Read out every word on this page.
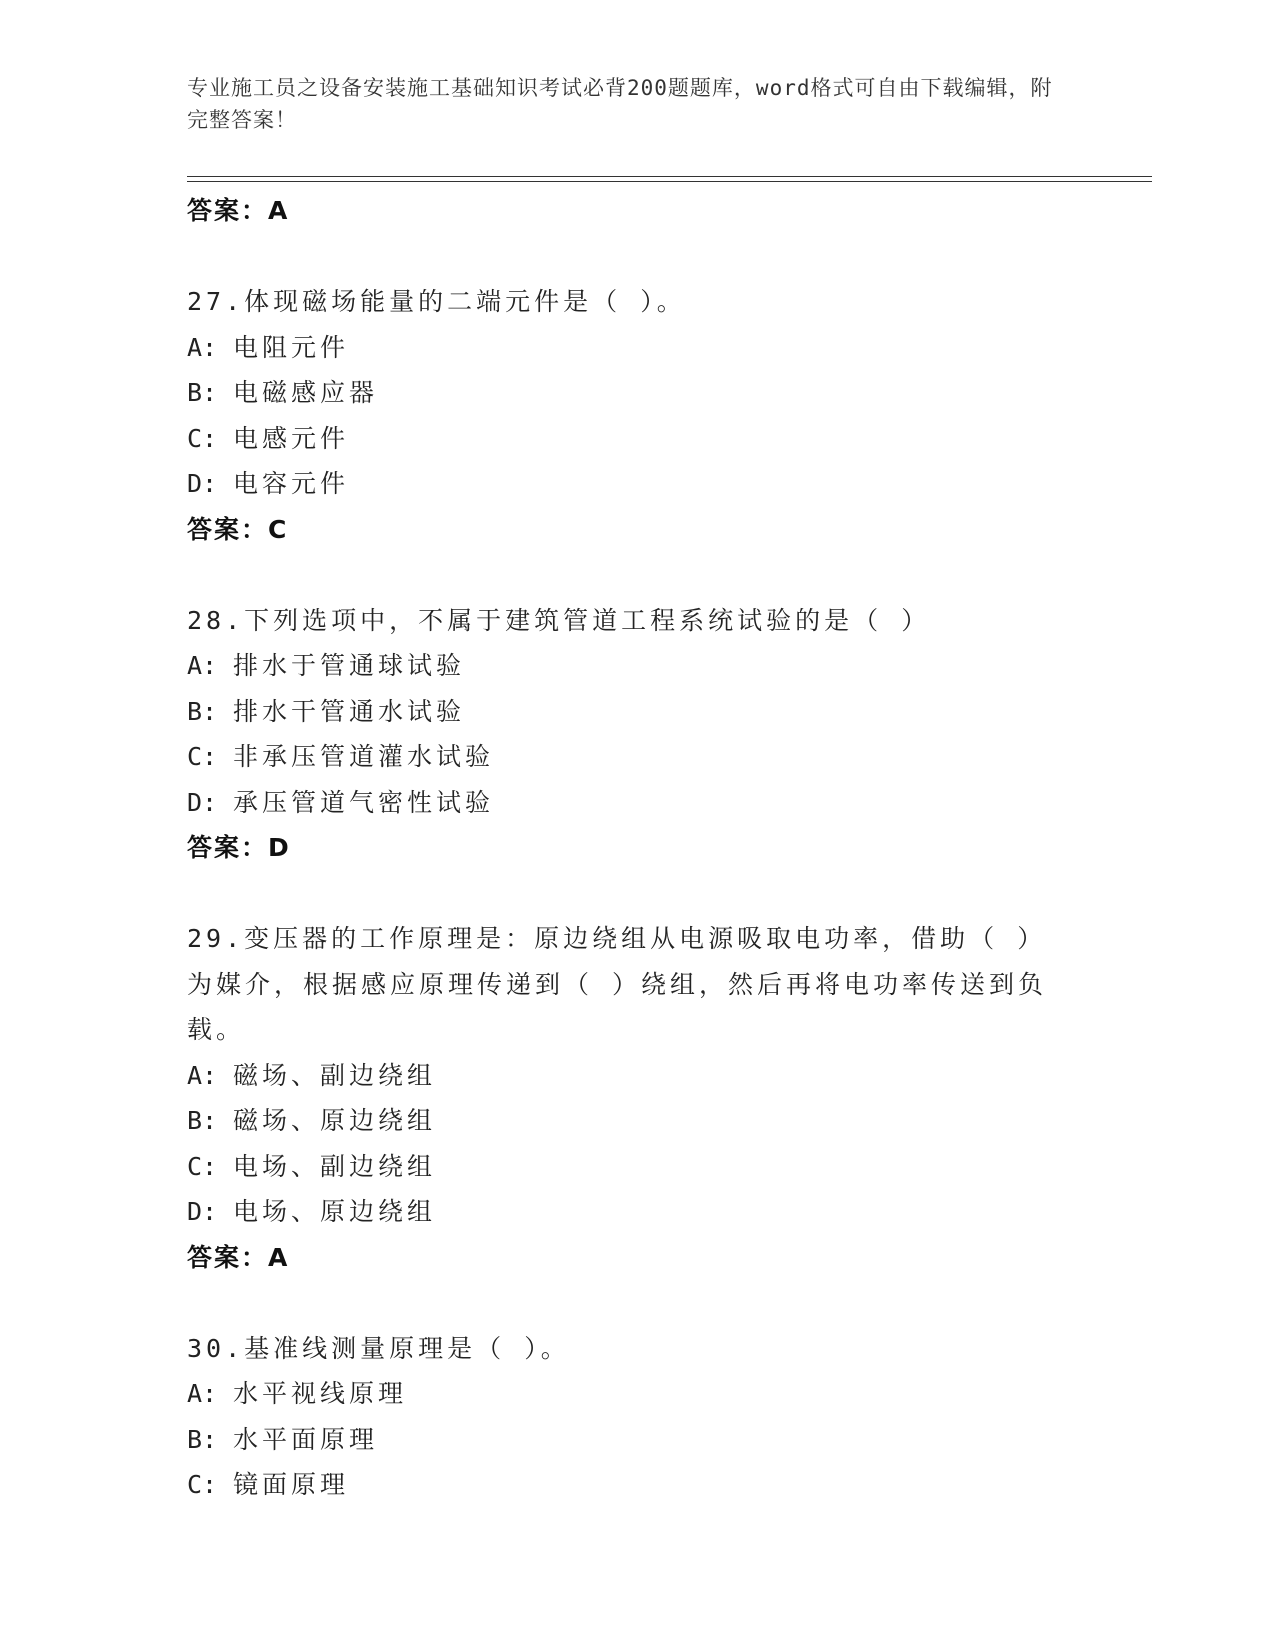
专业施工员之设备安装施工基础知识考试必背200题题库，word格式可自由下载编辑，附完整答案！
答案：A
27.体现磁场能量的二端元件是（ ）。
A: 电阻元件
B: 电磁感应器
C: 电感元件
D: 电容元件
答案：C
28.下列选项中，不属于建筑管道工程系统试验的是（ ）
A: 排水于管通球试验
B: 排水干管通水试验
C: 非承压管道灌水试验
D: 承压管道气密性试验
答案：D
29.变压器的工作原理是：原边绕组从电源吸取电功率，借助（ ）为媒介，根据感应原理传递到（ ）绕组，然后再将电功率传送到负载。
A: 磁场、副边绕组
B: 磁场、原边绕组
C: 电场、副边绕组
D: 电场、原边绕组
答案：A
30.基准线测量原理是（ ）。
A: 水平视线原理
B: 水平面原理
C: 镜面原理
